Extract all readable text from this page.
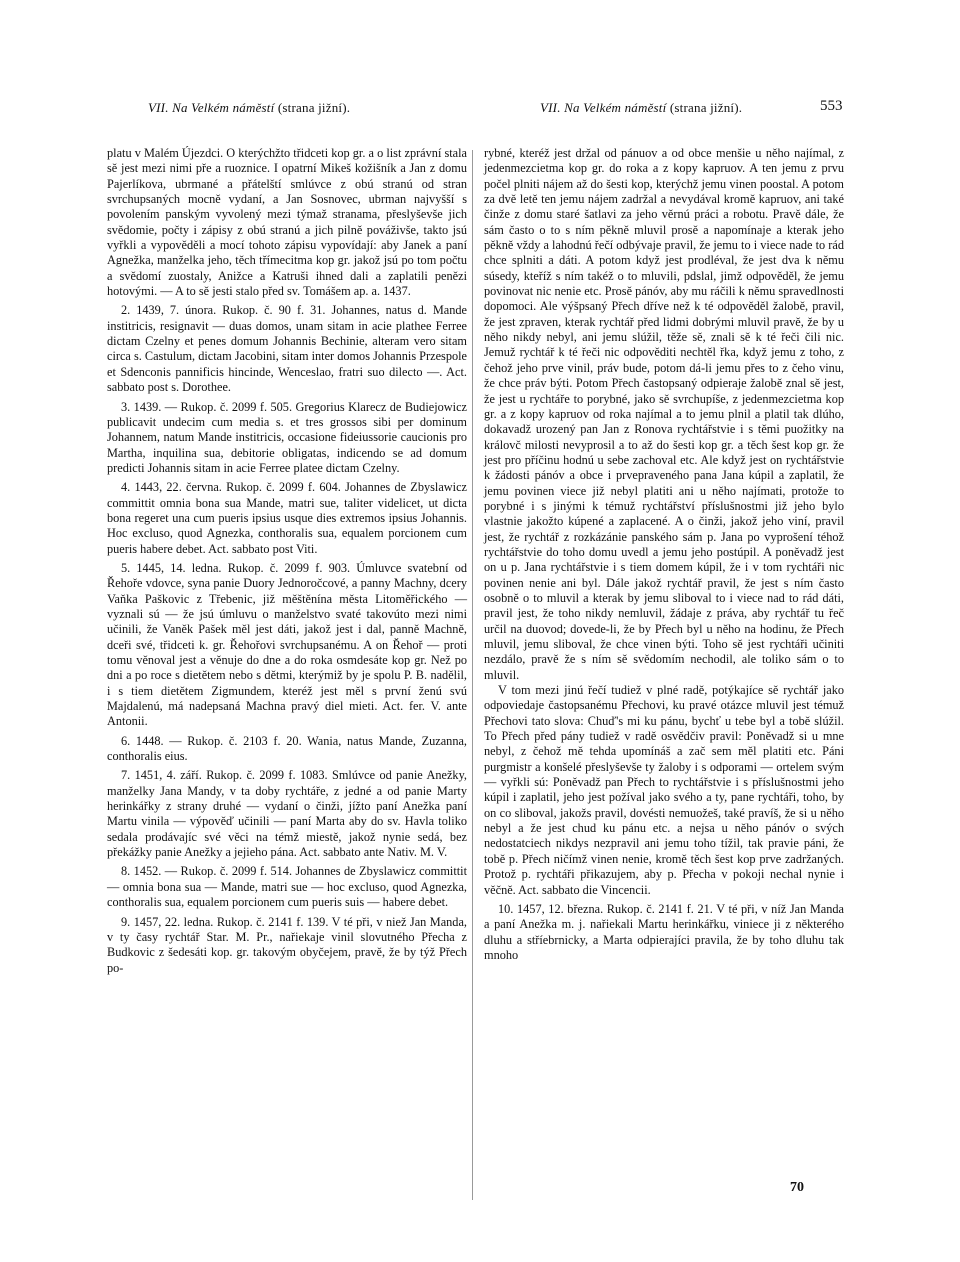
VII. Na Velkém náměstí (strana jižní).	VII. Na Velkém náměstí (strana jižní).	553

platu v Malém Újezdci. O kterýchžto třidceti kop gr. a o list zprávní stala sě jest mezi nimi pře a ruoznice. I opatrní Mikeš kožišník a Jan z domu Pajerlíkova, ubrmané a přátelští smlúvce z obú stranú od stran svrchupsaných mocně vydaní, a Jan Sosnovec, ubrman najvyšší s povolením panským vyvolený mezi týmaž stranama, přeslyševše jich svědomie, počty i zápisy z obú stranú a jich pilně pováživše, takto jsú vyřkli a vypověděli a mocí tohoto zápisu vypovídají: aby Janek a paní Agnežka, manželka jeho, těch třímecitma kop gr. jakož jsú po tom počtu a svědomí zuostaly, Anižce a Katruši ihned dali a zaplatili penězi hotovými. — A to sě jesti stalo před sv. Tomášem ap. a. 1437.

2. 1439, 7. února. Rukop. č. 90 f. 31. Johannes, natus d. Mande institricis, resignavit — duas domos, unam sitam in acie plathee Ferree dictam Czelny et penes domum Johannis Bechinie, alteram vero sitam circa s. Castulum, dictam Jacobini, sitam inter domos Johannis Przespole et Sdenconis pannificis hincinde, Wenceslao, fratri suo dilecto —. Act. sabbato post s. Dorothee.

3. 1439. — Rukop. č. 2099 f. 505. Gregorius Klarecz de Budiejowicz publicavit undecim cum media s. et tres grossos sibi per dominum Johannem, natum Mande institricis, occasione fideiussorie caucionis pro Martha, inquilina sua, debitorie obligatas, indicendo se ad domum predicti Johannis sitam in acie Ferree platee dictam Czelny.

4. 1443, 22. června. Rukop. č. 2099 f. 604. Johannes de Zbyslawicz committit omnia bona sua Mande, matri sue, taliter videlicet, ut dicta bona regeret una cum pueris ipsius usque dies extremos ipsius Johannis. Hoc excluso, quod Agnezka, conthoralis sua, equalem porcionem cum pueris habere debet. Act. sabbato post Viti.

5. 1445, 14. ledna. Rukop. č. 2099 f. 903. Úmluvce svatební od Řehoře vdovce, syna panie Duory Jednoročcové, a panny Machny, dcery Vaňka Paškovic z Třebenic, již měštěnína města Litoměřického — vyznali sú — že jsú úmluvu o manželstvo svaté takovúto mezi nimi učinili, že Vaněk Pašek měl jest dáti, jakož jest i dal, panně Machně, dceři své, třidceti k. gr. Řehořovi svrchupsanému. A on Řehoř — proti tomu věnoval jest a věnuje do dne a do roka osmdesáte kop gr. Než po dni a po roce s dietětem nebo s dětmi, kterýmiž by je spolu P. B. nadělil, i s tiem dietětem Zigmundem, kteréž jest měl s první ženú svú Majdalenú, má nadepsaná Machna pravý diel mieti. Act. fer. V. ante Antonii.

6. 1448. — Rukop. č. 2103 f. 20. Wania, natus Mande, Zuzanna, conthoralis eius.

7. 1451, 4. září. Rukop. č. 2099 f. 1083. Smlúvce od panie Anežky, manželky Jana Mandy, v ta doby rychtáře, z jedné a od panie Marty herinkářky z strany druhé — vydaní o činži, jížto paní Anežka paní Martu vinila — výpověď učinili — paní Marta aby do sv. Havla toliko sedala prodávajíc své věci na témž miestě, jakož nynie sedá, bez překážky panie Anežky a jejieho pána. Act. sabbato ante Nativ. M. V.

8. 1452. — Rukop. č. 2099 f. 514. Johannes de Zbyslawicz committit — omnia bona sua — Mande, matri sue — hoc excluso, quod Agnezka, conthoralis sua, equalem porcionem cum pueris suis — habere debet.

9. 1457, 22. ledna. Rukop. č. 2141 f. 139. V té při, v niež Jan Manda, v ty časy rychtář Star. M. Pr., nařiekaje vinil slovutného Přecha z Budkovic z šedesáti kop. gr. takovým obyčejem, pravě, že by týž Přech po-

rybné, kteréž jest držal od pánuov a od obce menšie u něho najímal, z jedenmezcietma kop gr. do roka a z kopy kapruov. A ten jemu z prvu počel plniti nájem až do šesti kop, kterýchž jemu vinen poostal. A potom za dvě letě ten jemu nájem zadržal a nevydával kromě kapruov, ani také činže z domu staré šatlavi za jeho věrnú práci a robotu. Pravě dále, že sám často o to s ním pěkně mluvil prosě a napomínaje a kterak jeho pěkně vždy a lahodnú řečí odbývaje pravil, že jemu to i viece nade to rád chce splniti a dáti. A potom když jest prodléval, že jest dva k němu súsedy, kteříž s ním takéž o to mluvili, pdslal, jimž odpověděl, že jemu povinovat nic nenie etc. Prosě pánóv, aby mu ráčili k němu spravedlnosti dopomoci. Ale výšpsaný Přech dříve než k té odpověděl žalobě, pravil, že jest zpraven, kterak rychtář před lidmi dobrými mluvil pravě, že by u něho nikdy nebyl, ani jemu slúžil, těže sě, znali sě k té řeči čili nic. Jemuž rychtář k té řeči nic odpověditi nechtěl řka, když jemu z toho, z čehož jeho prve vinil, práv bude, potom dá-li jemu přes to z čeho vinu, že chce práv býti. Potom Přech častopsaný odpieraje žalobě znal sě jest, že jest u rychtáře to porybné, jako sě svrchupíše, z jedenmezcietma kop gr. a z kopy kapruov od roka najímal a to jemu plnil a platil tak dlúho, dokavadž urozený pan Jan z Ronova rychtářstvie i s těmi puožitky na královč milosti nevyprosil a to až do šesti kop gr. a těch šest kop gr. že jest pro příčinu hodnú u sebe zachoval etc. Ale když jest on rychtářstvie k žádosti pánóv a obce i prvepraveného pana Jana kúpil a zaplatil, že jemu povinen viece již nebyl platiti ani u něho najímati, protože to porybné i s jinými k témuž rychtářství příslušnostmi již jeho bylo vlastnie jakožto kúpené a zaplacené. A o činži, jakož jeho viní, pravil jest, že rychtář z rozkázánie panského sám p. Jana po vyprošení téhož rychtářstvie do toho domu uvedl a jemu jeho postúpil. A poněvadž jest on u p. Jana rychtářstvie i s tiem domem kúpil, že i v tom rychtáři nic povinen nenie ani byl. Dále jakož rychtář pravil, že jest s ním často osobně o to mluvil a kterak by jemu sliboval to i viece nad to rád dáti, pravil jest, že toho nikdy nemluvil, žádaje z práva, aby rychtář tu řeč určil na duovod; dovede-li, že by Přech byl u něho na hodinu, že Přech mluvil, jemu sliboval, že chce vinen býti. Toho sě jest rychtáři učiniti nezdálo, pravě že s ním sě svědomím nechodil, ale toliko sám o to mluvil.

V tom mezi jinú řečí tudiež v plné radě, potýkajíce sě rychtář jako odpoviedaje častopsanému Přechovi, ku pravé otázce mluvil jest témuž Přechovi tato slova: Chuď's mi ku pánu, bychť u tebe byl a tobě slúžil. To Přech před pány tudiež v radě osvědčiv pravil: Poněvadž si u mne nebyl, z čehož mě tehda upomínáš a zač sem měl platiti etc. Páni purgmistr a konšelé přeslyševše ty žaloby i s odporami — ortelem svým — vyřkli sú: Poněvadž pan Přech to rychtářstvie i s příslušnostmi jeho kúpil i zaplatil, jeho jest požíval jako svého a ty, pane rychtáři, toho, by on co sliboval, jakožs pravil, dovésti nemuožeš, také pravíš, že si u něho nebyl a že jest chud ku pánu etc. a nejsa u něho pánóv o svých nedostatciech nikdys nezpravil ani jemu toho tížil, tak pravie páni, že tobě p. Přech ničímž vinen nenie, kromě těch šest kop prve zadržaných. Protož p. rychtáři přikazujem, aby p. Přecha v pokoji nechal nynie i věčně. Act. sabbato die Vincencii.

10. 1457, 12. března. Rukop. č. 2141 f. 21. V té při, v níž Jan Manda a paní Anežka m. j. nařiekali Martu herinkářku, viniece ji z některého dluhu a stříebrnicky, a Marta odpierajíci pravila, že by toho dluhu tak mnoho

70
